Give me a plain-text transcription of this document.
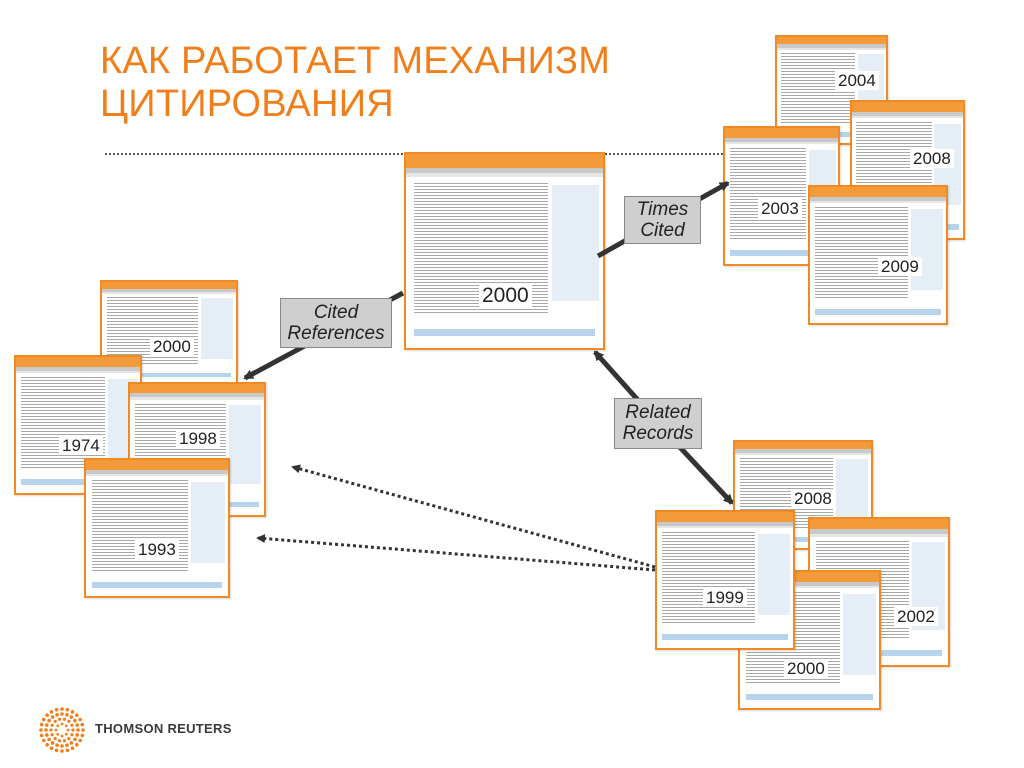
КАК РАБОТАЕТ МЕХАНИЗМ
ЦИТИРОВАНИЯ
2004
2008
2003
2009
2000
1974	1998
1993
2008
2002
2000
1999
2000
Cited
References
Times
Cited
Related
Records
THOMSON REUTERS
